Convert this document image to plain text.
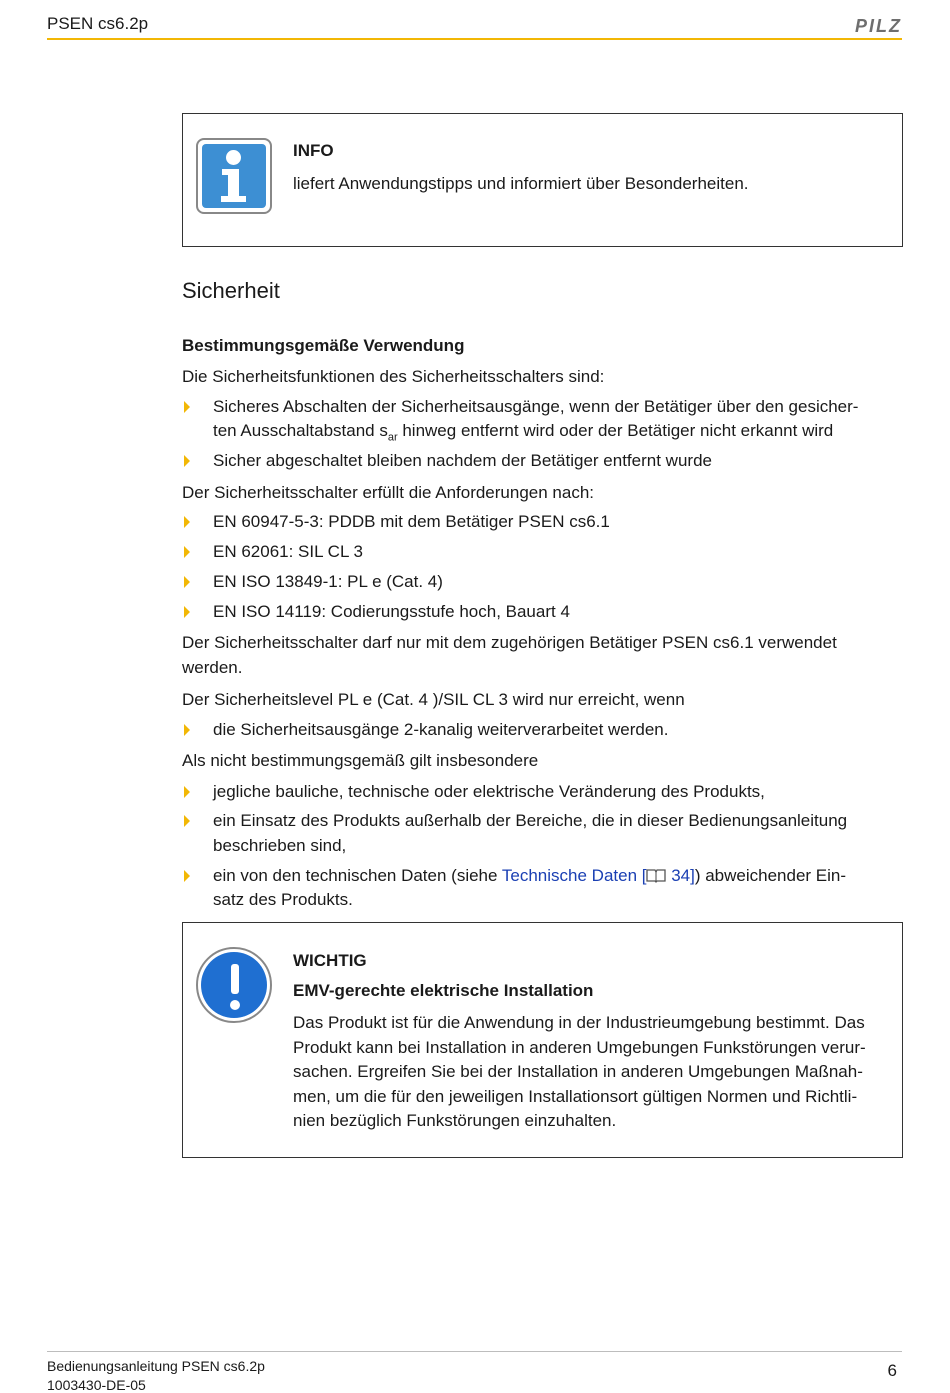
PSEN cs6.2p	PILZ
INFO
liefert Anwendungstipps und informiert über Besonderheiten.
Sicherheit
Bestimmungsgemäße Verwendung
Die Sicherheitsfunktionen des Sicherheitsschalters sind:
Sicheres Abschalten der Sicherheitsausgänge, wenn der Betätiger über den gesicher-
ten Ausschaltabstand $s_{ar}$ hinweg entfernt wird oder der Betätiger nicht erkannt wird
Sicher abgeschaltet bleiben nachdem der Betätiger entfernt wurde
Der Sicherheitsschalter erfüllt die Anforderungen nach:
EN 60947-5-3: PDDB mit dem Betätiger PSEN cs6.1
EN 62061: SIL CL 3
EN ISO 13849-1: PL e (Cat. 4)
EN ISO 14119: Codierungsstufe hoch, Bauart 4
Der Sicherheitsschalter darf nur mit dem zugehörigen Betätiger PSEN cs6.1 verwendet
werden.
Der Sicherheitslevel PL e (Cat. 4 )/SIL CL 3 wird nur erreicht, wenn
die Sicherheitsausgänge 2-kanalig weiterverarbeitet werden.
Als nicht bestimmungsgemäß gilt insbesondere
jegliche bauliche, technische oder elektrische Veränderung des Produkts,
ein Einsatz des Produkts außerhalb der Bereiche, die in dieser Bedienungsanleitung
beschrieben sind,
ein von den technischen Daten (siehe Technische Daten [ 34]) abweichender Ein-
satz des Produkts.
WICHTIG
EMV-gerechte elektrische Installation
Das Produkt ist für die Anwendung in der Industrieumgebung bestimmt. Das
Produkt kann bei Installation in anderen Umgebungen Funkstörungen verur-
sachen. Ergreifen Sie bei der Installation in anderen Umgebungen Maßnah-
men, um die für den jeweiligen Installationsort gültigen Normen und Richtli-
nien bezüglich Funkstörungen einzuhalten.
Bedienungsanleitung PSEN cs6.2p
1003430-DE-05
6
